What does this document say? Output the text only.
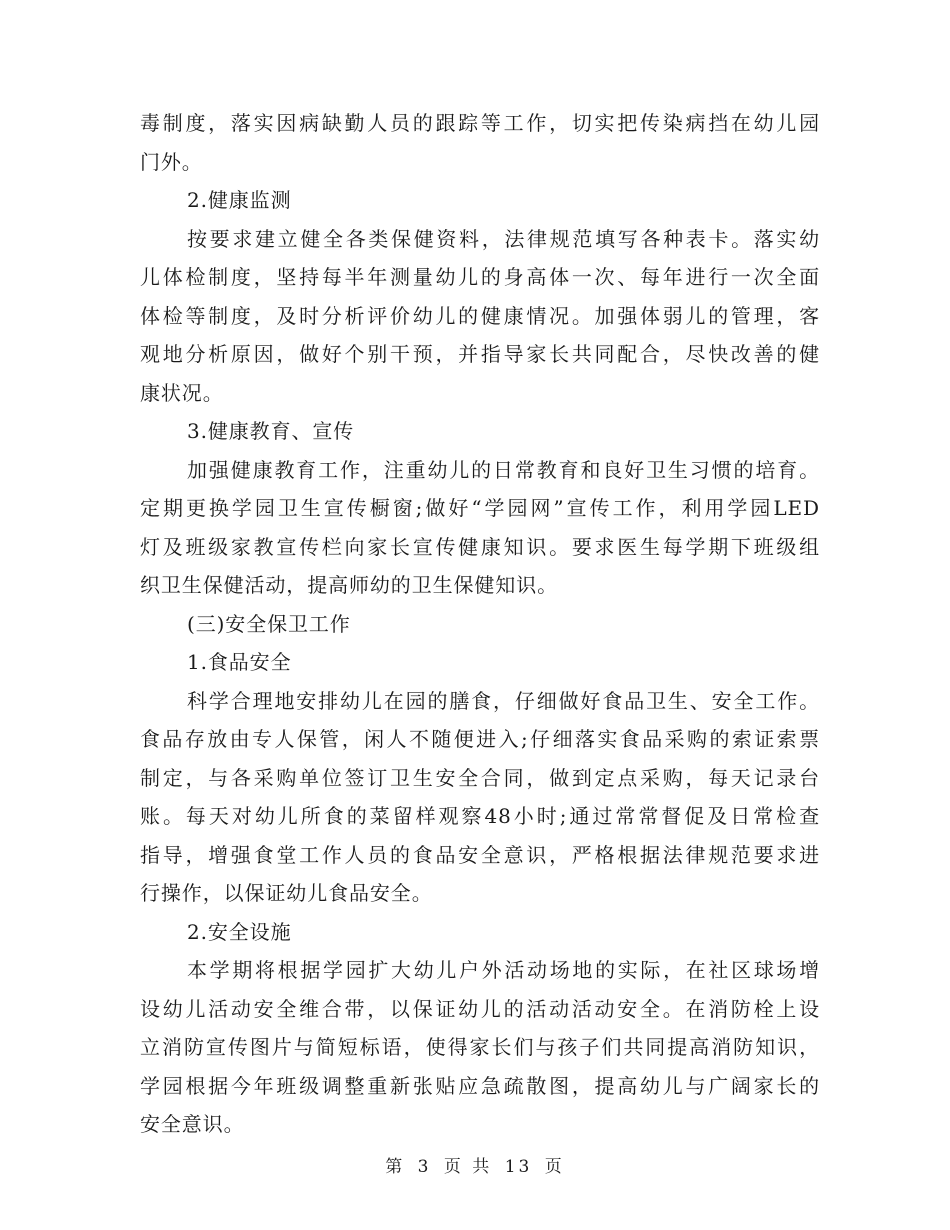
毒制度，落实因病缺勤人员的跟踪等工作，切实把传染病挡在幼儿园
门外。
2.健康监测
按要求建立健全各类保健资料，法律规范填写各种表卡。落实幼
儿体检制度，坚持每半年测量幼儿的身高体一次、每年进行一次全面
体检等制度，及时分析评价幼儿的健康情况。加强体弱儿的管理，客
观地分析原因，做好个别干预，并指导家长共同配合，尽快改善的健
康状况。
3.健康教育、宣传
加强健康教育工作，注重幼儿的日常教育和良好卫生习惯的培育。
定期更换学园卫生宣传橱窗;做好“学园网”宣传工作，利用学园LED
灯及班级家教宣传栏向家长宣传健康知识。要求医生每学期下班级组
织卫生保健活动，提高师幼的卫生保健知识。
(三)安全保卫工作
1.食品安全
科学合理地安排幼儿在园的膳食，仔细做好食品卫生、安全工作。
食品存放由专人保管，闲人不随便进入;仔细落实食品采购的索证索票
制定，与各采购单位签订卫生安全合同，做到定点采购，每天记录台
账。每天对幼儿所食的菜留样观察48小时;通过常常督促及日常检查
指导，增强食堂工作人员的食品安全意识，严格根据法律规范要求进
行操作，以保证幼儿食品安全。
2.安全设施
本学期将根据学园扩大幼儿户外活动场地的实际，在社区球场增
设幼儿活动安全维合带，以保证幼儿的活动活动安全。在消防栓上设
立消防宣传图片与简短标语，使得家长们与孩子们共同提高消防知识，
学园根据今年班级调整重新张贴应急疏散图，提高幼儿与广阔家长的
安全意识。
第 3 页 共 13 页
